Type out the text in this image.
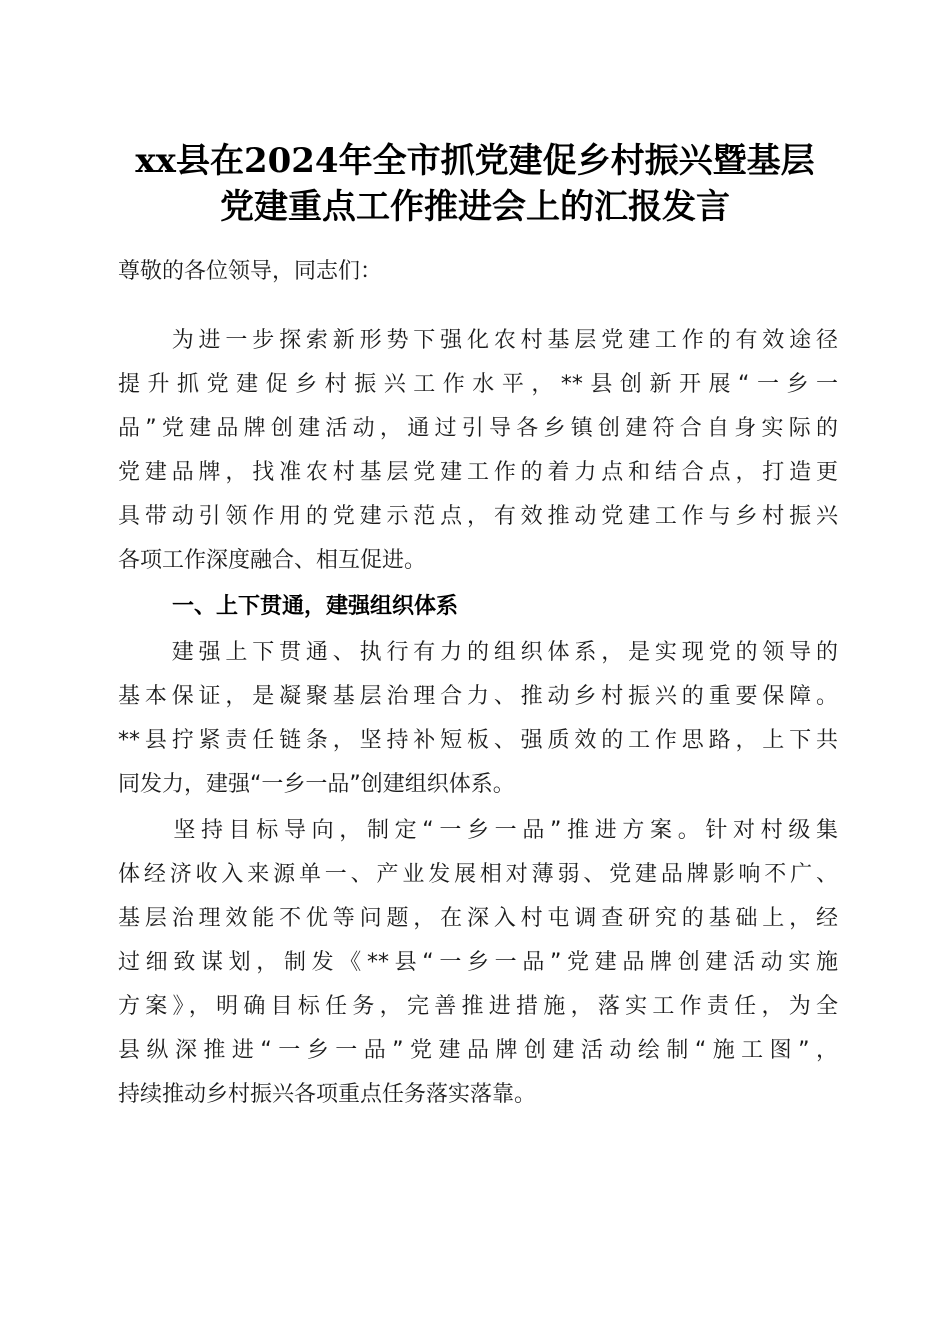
xx县在2024年全市抓党建促乡村振兴暨基层
党建重点工作推进会上的汇报发言
尊敬的各位领导，同志们：
　　为进一步探索新形势下强化农村基层党建工作的有效途径
提升抓党建促乡村振兴工作水平，**县创新开展“一乡一
品”党建品牌创建活动，通过引导各乡镇创建符合自身实际的
党建品牌，找准农村基层党建工作的着力点和结合点，打造更
具带动引领作用的党建示范点，有效推动党建工作与乡村振兴
各项工作深度融合、相互促进。
一、上下贯通，建强组织体系
　　建强上下贯通、执行有力的组织体系，是实现党的领导的
基本保证，是凝聚基层治理合力、推动乡村振兴的重要保障。
**县拧紧责任链条，坚持补短板、强质效的工作思路，上下共
同发力，建强“一乡一品”创建组织体系。
　　坚持目标导向，制定“一乡一品”推进方案。针对村级集
体经济收入来源单一、产业发展相对薄弱、党建品牌影响不广、
基层治理效能不优等问题，在深入村屯调查研究的基础上，经
过细致谋划，制发《**县“一乡一品”党建品牌创建活动实施
方案》，明确目标任务，完善推进措施，落实工作责任，为全
县纵深推进“一乡一品”党建品牌创建活动绘制“施工图”，
持续推动乡村振兴各项重点任务落实落靠。
